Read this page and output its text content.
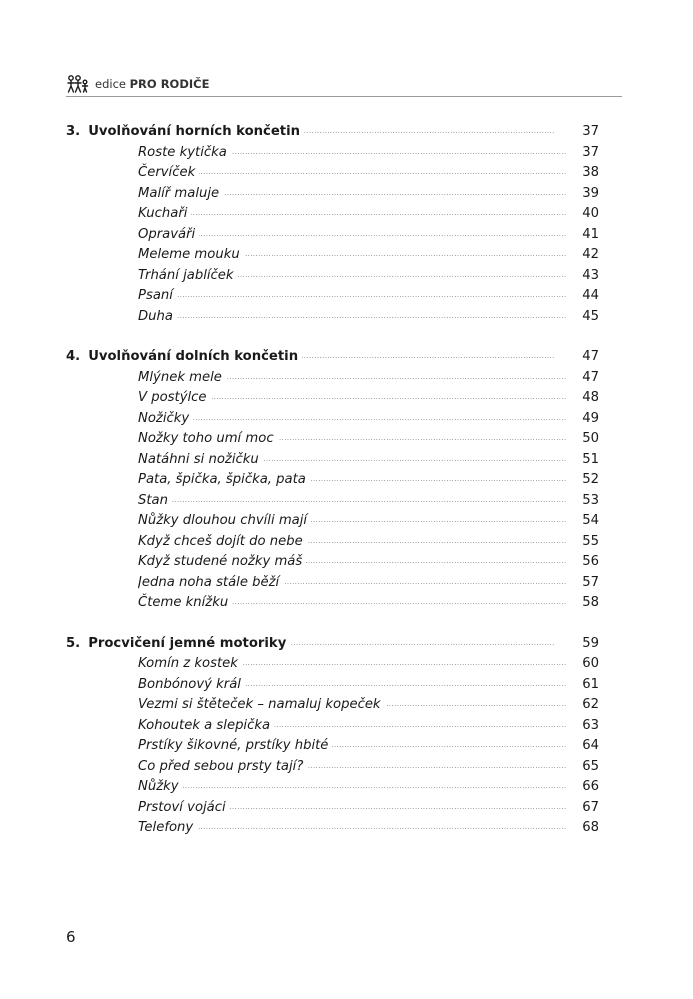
edice PRO RODIČE
3. Uvolňování horních končetin . . .	37
Roste kytička . . .	37
Červíček . . .	38
Malíř maluje . . .	39
Kuchaři . . .	40
Opraváři . . .	41
Meleme mouku . . .	42
Trhání jablíček . . .	43
Psaní . . .	44
Duha . . .	45
4. Uvolňování dolních končetin . . .	47
Mlýnek mele . . .	47
V postýlce . . .	48
Nožičky . . .	49
Nožky toho umí moc . . .	50
Natáhni si nožičku . . .	51
Pata, špička, špička, pata . . .	52
Stan . . .	53
Nůžky dlouhou chvíli mají . . .	54
Když chceš dojít do nebe . . .	55
Když studené nožky máš . . .	56
Jedna noha stále běží . . .	57
Čteme knížku . . .	58
5. Procvičení jemné motoriky . . .	59
Komín z kostek . . .	60
Bonbónový král . . .	61
Vezmi si štěteček – namaluj kopeček . . .	62
Kohoutek a slepička . . .	63
Prstíky šikovné, prstíky hbité . . .	64
Co před sebou prsty tají? . . .	65
Nůžky . . .	66
Prstoví vojáci . . .	67
Telefony . . .	68
6
